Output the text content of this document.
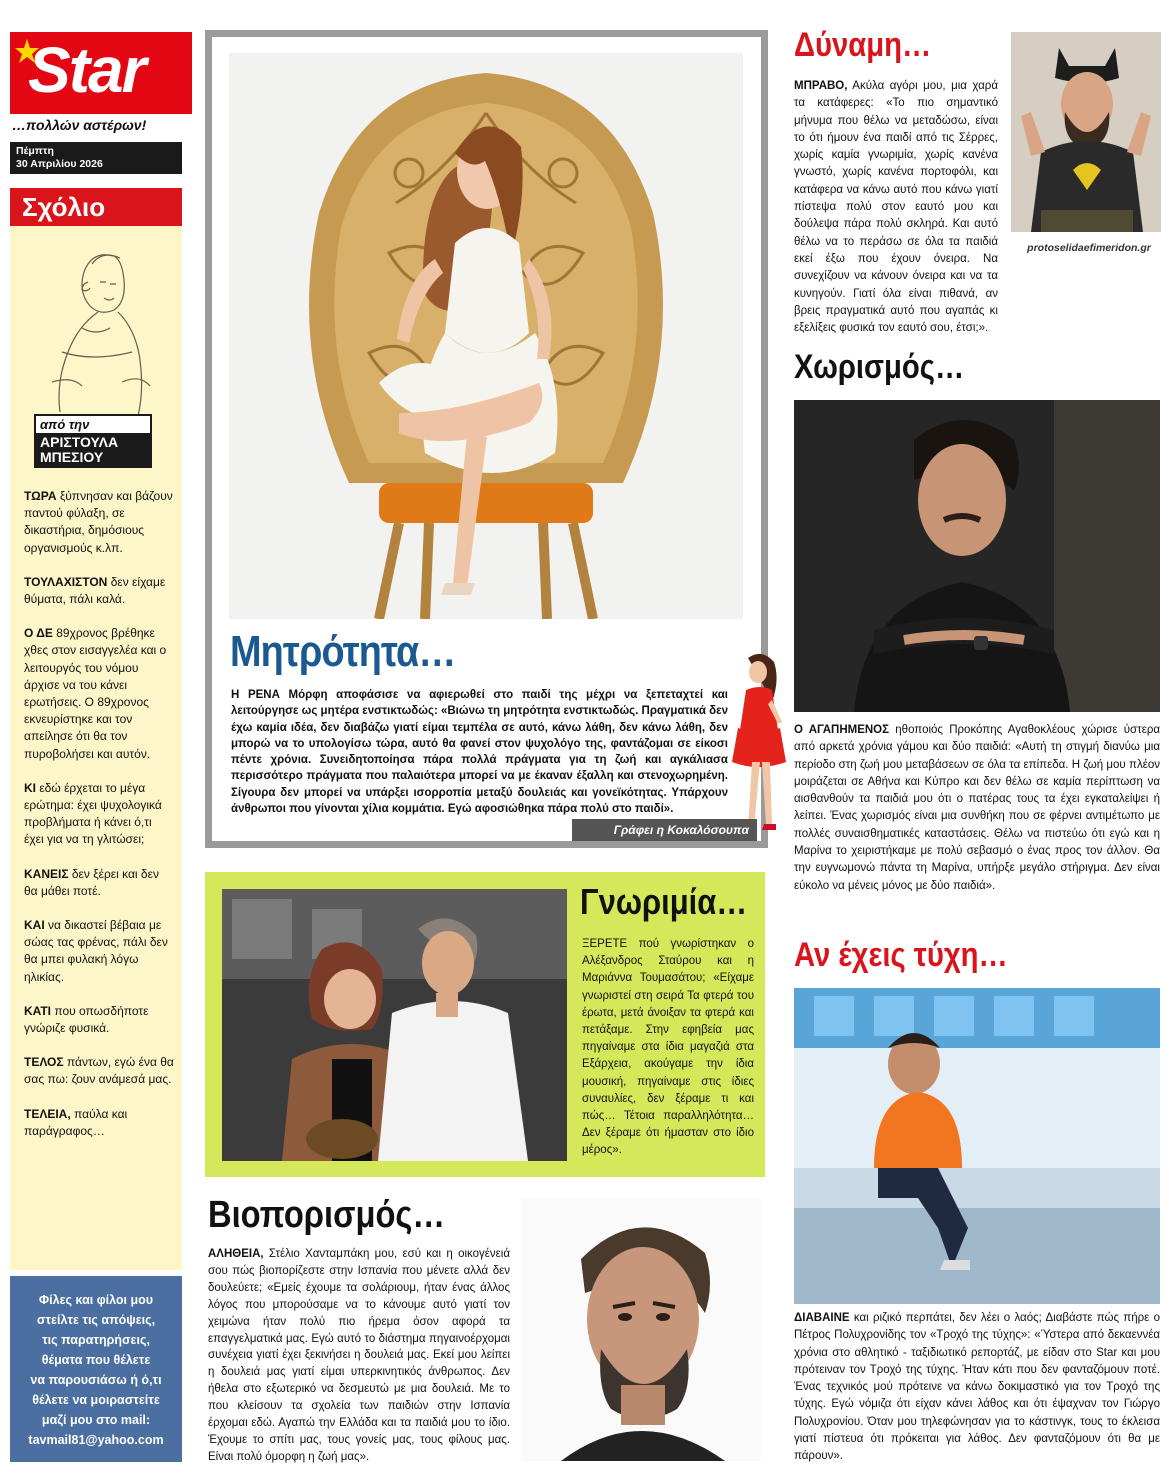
Star
…πολλών αστέρων!
Πέμπτη
30 Απριλίου 2026
Σχόλιο
από την
ΑΡΙΣΤΟΥΛΑ ΜΠΕΣΙΟΥ

ΤΩΡΑ ξύπνησαν και βάζουν παντού φύλαξη, σε δικαστήρια, δημόσιους οργανισμούς κ.λπ.

ΤΟΥΛΑΧΙΣΤΟΝ δεν είχαμε θύματα, πάλι καλά.

Ο ΔΕ 89χρονος βρέθηκε χθες στον εισαγγελέα και ο λειτουργός του νόμου άρχισε να του κάνει ερωτήσεις. Ο 89χρονος εκνευρίστηκε και τον απείλησε ότι θα τον πυροβολήσει και αυτόν.

ΚΙ εδώ έρχεται το μέγα ερώτημα: έχει ψυχολογικά προβλήματα ή κάνει ό,τι έχει για να τη γλιτώσει;

ΚΑΝΕΙΣ δεν ξέρει και δεν θα μάθει ποτέ.

ΚΑΙ να δικαστεί βέβαια με σώας τας φρένας, πάλι δεν θα μπει φυλακή λόγω ηλικίας.

ΚΑΤΙ που οπωσδήποτε γνώριζε φυσικά.

ΤΕΛΟΣ πάντων, εγώ ένα θα σας πω: ζουν ανάμεσά μας.

ΤΕΛΕΙΑ, παύλα και παράγραφος…

Φίλες και φίλοι μου
στείλτε τις απόψεις,
τις παρατηρήσεις,
θέματα που θέλετε
να παρουσιάσω ή ό,τι
θέλετε να μοιραστείτε
μαζί μου στο mail:
tavmail81@yahoo.com
Μητρότητα…
Η ΡΕΝΑ Μόρφη αποφάσισε να αφιερωθεί στο παιδί της μέχρι να ξεπεταχτεί και λειτούργησε ως μητέρα ενστικτωδώς: «Βιώνω τη μητρότητα ενστικτωδώς. Πραγματικά δεν έχω καμία ιδέα, δεν διαβάζω γιατί είμαι τεμπέλα σε αυτό, κάνω λάθη, δεν κάνω λάθη, δεν μπορώ να το υπολογίσω τώρα, αυτό θα φανεί στον ψυχολόγο της, φαντάζομαι σε είκοσι πέντε χρόνια. Συνειδητοποίησα πάρα πολλά πράγματα για τη ζωή και αγκάλιασα περισσότερο πράγματα που παλαιότερα μπορεί να με έκαναν έξαλλη και στενοχωρημένη. Σίγουρα δεν μπορεί να υπάρξει ισορροπία μεταξύ δουλειάς και γονεϊκότητας. Υπάρχουν άνθρωποι που γίνονται χίλια κομμάτια. Εγώ αφοσιώθηκα πάρα πολύ στο παιδί».
Γράφει η Κοκαλόσουπα
Γνωριμία…
ΞΕΡΕΤΕ πού γνωρίστηκαν ο Αλέξανδρος Σταύρου και η Μαριάννα Τουμασάτου; «Είχαμε γνωριστεί στη σειρά Τα φτερά του έρωτα, μετά άνοιξαν τα φτερά και πετάξαμε. Στην εφηβεία μας πηγαίναμε στα ίδια μαγαζιά στα Εξάρχεια, ακούγαμε την ίδια μουσική, πηγαίναμε στις ίδιες συναυλίες, δεν ξέραμε τι και πώς… Τέτοια παραλληλότητα… Δεν ξέραμε ότι ήμασταν στο ίδιο μέρος».
Βιοπορισμός…
ΑΛΗΘΕΙΑ, Στέλιο Χανταμπάκη μου, εσύ και η οικογένειά σου πώς βιοπορίζεστε στην Ισπανία που μένετε αλλά δεν δουλεύετε; «Εμείς έχουμε τα σολάριουμ, ήταν ένας άλλος λόγος που μπορούσαμε να το κάνουμε αυτό γιατί τον χειμώνα ήταν πολύ πιο ήρεμα όσον αφορά τα επαγγελματικά μας. Εγώ αυτό το διάστημα πηγαινοέρχομαι συνέχεια γιατί έχει ξεκινήσει η δουλειά μας. Εκεί μου λείπει η δουλειά μας γιατί είμαι υπερκινητικός άνθρωπος. Δεν ήθελα στο εξωτερικό να δεσμευτώ με μια δουλειά. Με το που κλείσουν τα σχολεία των παιδιών στην Ισπανία έρχομαι εδώ. Αγαπώ την Ελλάδα και τα παιδιά μου το ίδιο. Έχουμε το σπίτι μας, τους γονείς μας, τους φίλους μας. Είναι πολύ όμορφη η ζωή μας».
Δύναμη…
protoselidaefimeridon.gr
ΜΠΡΑΒΟ, Ακύλα αγόρι μου, μια χαρά τα κατάφερες: «Το πιο σημαντικό μήνυμα που θέλω να μεταδώσω, είναι το ότι ήμουν ένα παιδί από τις Σέρρες, χωρίς καμία γνωριμία, χωρίς κανένα γνωστό, χωρίς κανένα πορτοφόλι, και κατάφερα να κάνω αυτό που κάνω γιατί πίστεψα πολύ στον εαυτό μου και δούλεψα πάρα πολύ σκληρά. Και αυτό θέλω να το περάσω σε όλα τα παιδιά εκεί έξω που έχουν όνειρα. Να συνεχίζουν να κάνουν όνειρα και να τα κυνηγούν. Γιατί όλα είναι πιθανά, αν βρεις πραγματικά αυτό που αγαπάς κι εξελίξεις φυσικά τον εαυτό σου, έτσι;».
Χωρισμός…
Ο ΑΓΑΠΗΜΕΝΟΣ ηθοποιός Προκόπης Αγαθοκλέους χώρισε ύστερα από αρκετά χρόνια γάμου και δύο παιδιά: «Αυτή τη στιγμή διανύω μια περίοδο στη ζωή μου μεταβάσεων σε όλα τα επίπεδα. Η ζωή μου πλέον μοιράζεται σε Αθήνα και Κύπρο και δεν θέλω σε καμία περίπτωση να αισθανθούν τα παιδιά μου ότι ο πατέρας τους τα έχει εγκαταλείψει ή λείπει. Ένας χωρισμός είναι μια συνθήκη που σε φέρνει αντιμέτωπο με πολλές συναισθηματικές καταστάσεις. Θέλω να πιστεύω ότι εγώ και η Μαρίνα το χειριστήκαμε με πολύ σεβασμό ο ένας προς τον άλλον. Θα την ευγνωμονώ πάντα τη Μαρίνα, υπήρξε μεγάλο στήριγμα. Δεν είναι εύκολο να μένεις μόνος με δύο παιδιά».
Αν έχεις τύχη…
ΔΙΑΒΑΙΝΕ και ριζικό περπάτει, δεν λέει ο λαός; Διαβάστε πώς πήρε ο Πέτρος Πολυχρονίδης τον «Τροχό της τύχης»: «Ύστερα από δεκαεννέα χρόνια στο αθλητικό - ταξιδιωτικό ρεπορτάζ, με είδαν στο Star και μου πρότειναν τον Τροχό της τύχης. Ήταν κάτι που δεν φανταζόμουν ποτέ. Ένας τεχνικός μού πρότεινε να κάνω δοκιμαστικό για τον Τροχό της τύχης. Εγώ νόμιζα ότι είχαν κάνει λάθος και ότι έψαχναν τον Γιώργο Πολυχρονίου. Όταν μου τηλεφώνησαν για το κάστινγκ, τους το έκλεισα γιατί πίστευα ότι πρόκειται για λάθος. Δεν φανταζόμουν ότι θα με πάρουν».
